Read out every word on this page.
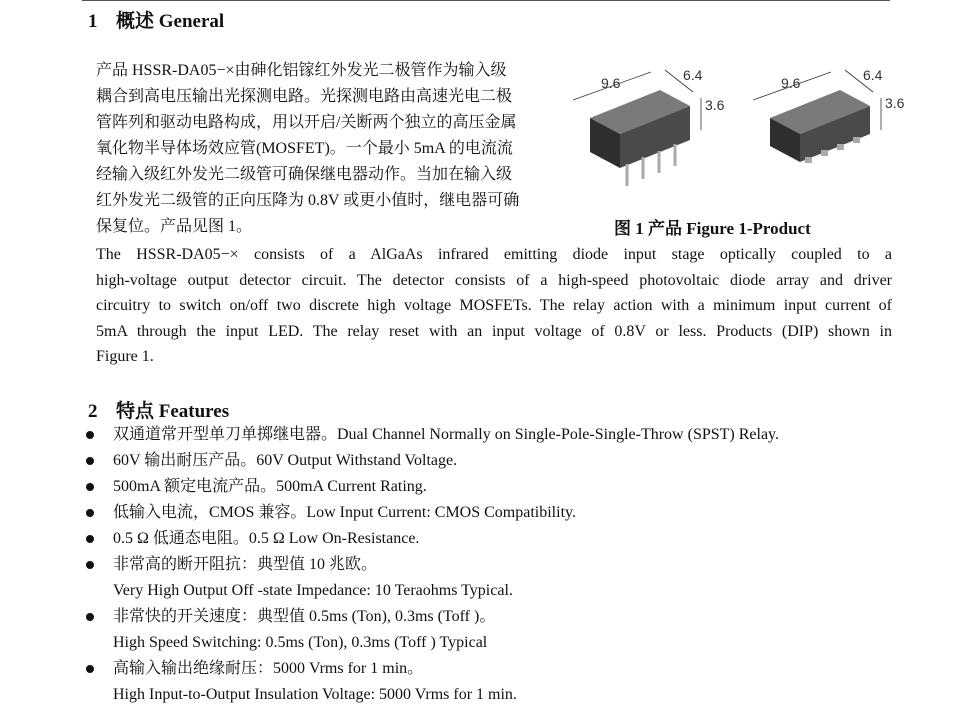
1 概述 General
产品 HSSR-DA05−×由砷化铝镓红外发光二极管作为输入级
耦合到高电压输出光探测电路。光探测电路由高速光电二极
管阵列和驱动电路构成，用以开启/关断两个独立的高压金属
氧化物半导体场效应管(MOSFET)。一个最小 5mA 的电流流
经输入级红外发光二级管可确保继电器动作。当加在输入级
红外发光二级管的正向压降为 0.8V 或更小值时，继电器可确
保复位。产品见图 1。
9.6	6.4
3.6
9.6	6.4
3.6
图 1 产品 Figure 1-Product
The HSSR-DA05−× consists of a AlGaAs infrared emitting diode input stage optically coupled to a
high-voltage output detector circuit. The detector consists of a high-speed photovoltaic diode array and driver
circuitry to switch on/off two discrete high voltage MOSFETs. The relay action with a minimum input current of
5mA through the input LED. The relay reset with an input voltage of 0.8V or less. Products (DIP) shown in
Figure 1.
2 特点 Features
双通道常开型单刀单掷继电器。Dual Channel Normally on Single-Pole-Single-Throw (SPST) Relay.
60V 输出耐压产品。60V Output Withstand Voltage.
500mA 额定电流产品。500mA Current Rating.
低输入电流，CMOS 兼容。Low Input Current: CMOS Compatibility.
0.5 Ω 低通态电阻。0.5 Ω Low On-Resistance.
非常高的断开阻抗：典型值 10 兆欧。
Very High Output Off -state Impedance: 10 Teraohms Typical.
非常快的开关速度：典型值 0.5ms (Ton), 0.3ms (Toff )。
High Speed Switching: 0.5ms (Ton), 0.3ms (Toff ) Typical
高输入输出绝缘耐压：5000 Vrms for 1 min。
High Input-to-Output Insulation Voltage: 5000 Vrms for 1 min.
